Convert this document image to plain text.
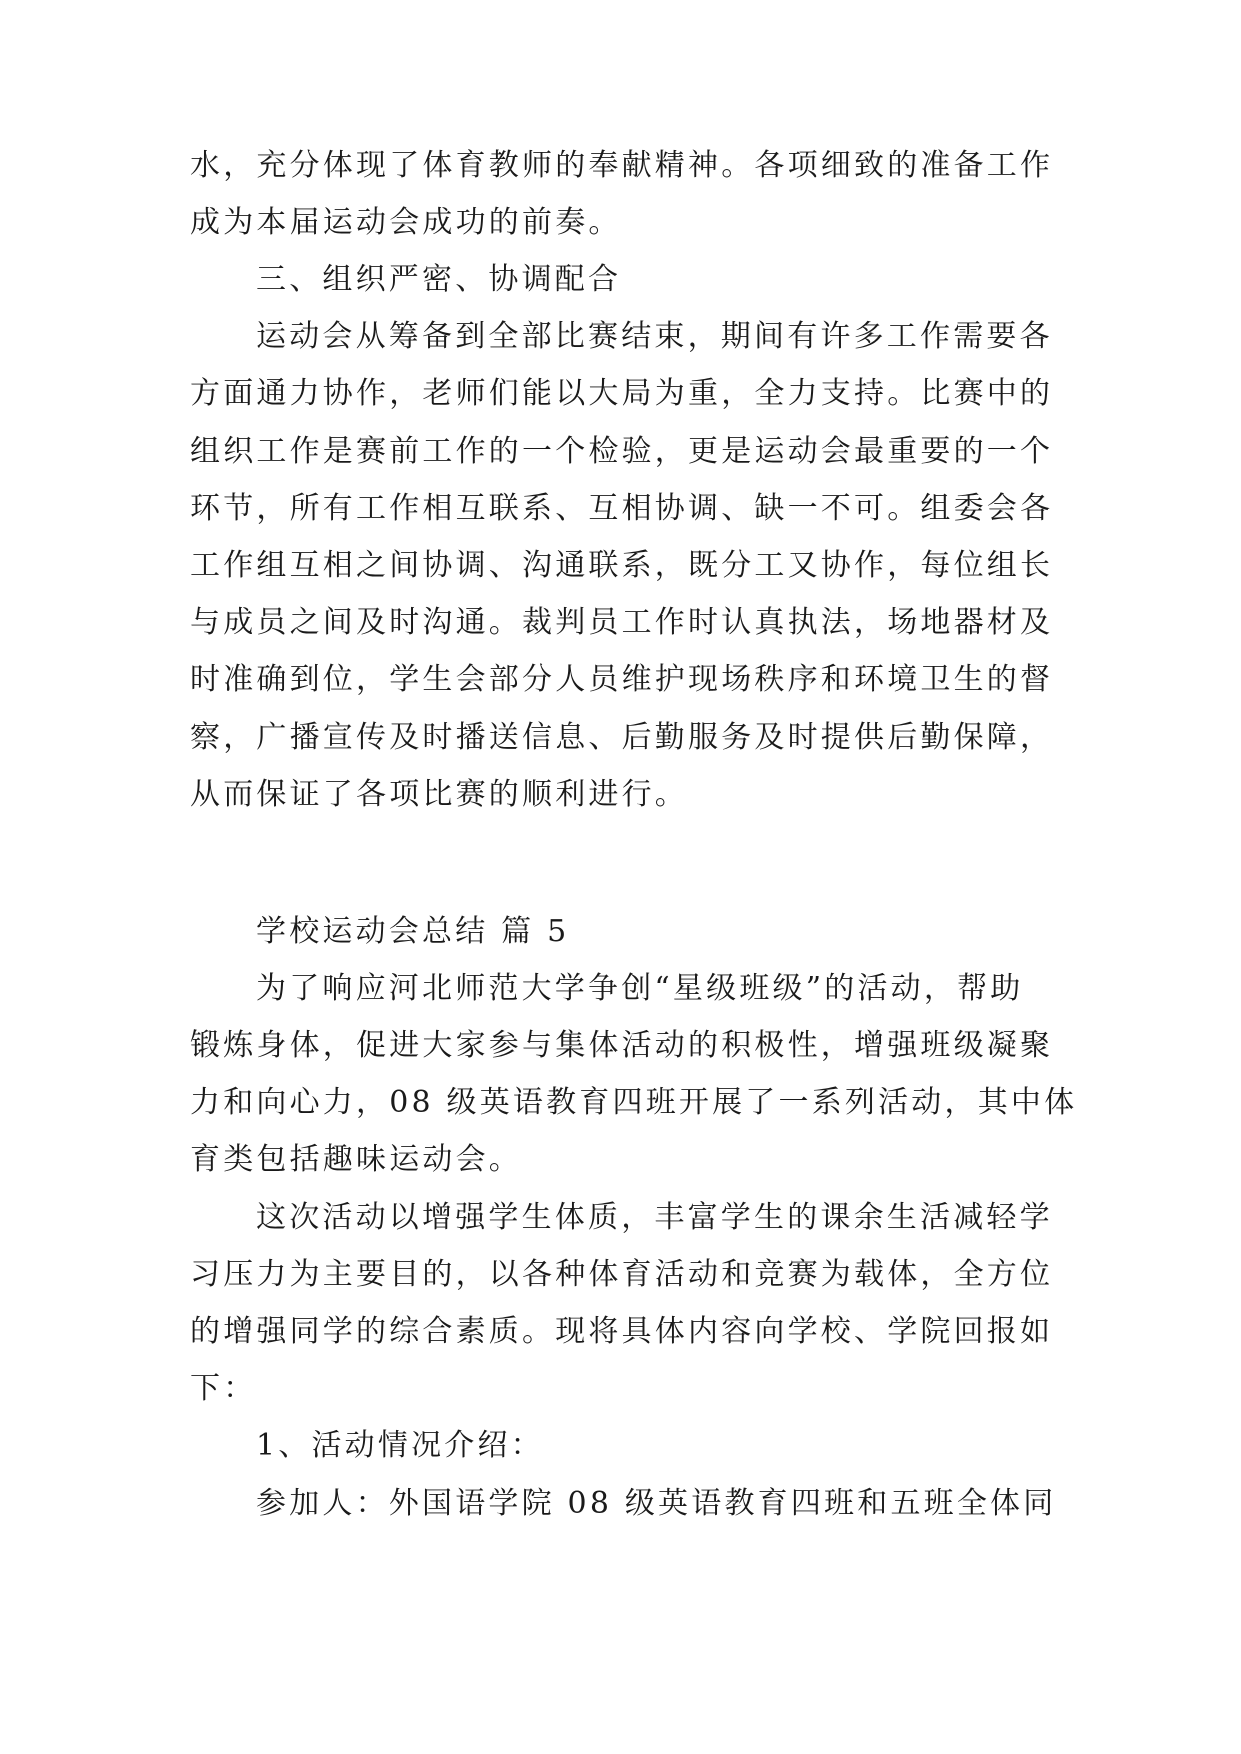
水，充分体现了体育教师的奉献精神。各项细致的准备工作
成为本届运动会成功的前奏。
三、组织严密、协调配合
运动会从筹备到全部比赛结束，期间有许多工作需要各
方面通力协作，老师们能以大局为重，全力支持。比赛中的
组织工作是赛前工作的一个检验，更是运动会最重要的一个
环节，所有工作相互联系、互相协调、缺一不可。组委会各
工作组互相之间协调、沟通联系，既分工又协作，每位组长
与成员之间及时沟通。裁判员工作时认真执法，场地器材及
时准确到位，学生会部分人员维护现场秩序和环境卫生的督
察，广播宣传及时播送信息、后勤服务及时提供后勤保障，
从而保证了各项比赛的顺利进行。
学校运动会总结 篇 5
为了响应河北师范大学争创“星级班级”的活动，帮助
锻炼身体，促进大家参与集体活动的积极性，增强班级凝聚
力和向心力，08 级英语教育四班开展了一系列活动，其中体
育类包括趣味运动会。
这次活动以增强学生体质，丰富学生的课余生活减轻学
习压力为主要目的，以各种体育活动和竞赛为载体，全方位
的增强同学的综合素质。现将具体内容向学校、学院回报如
下：
1、活动情况介绍：
参加人：外国语学院 08 级英语教育四班和五班全体同
